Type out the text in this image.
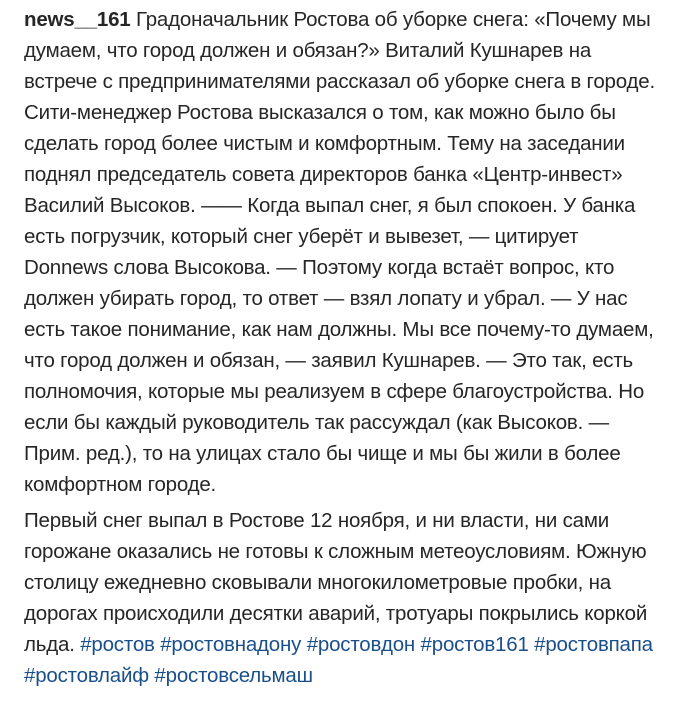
news__161 Градоначальник Ростова об уборке снега: «Почему мы думаем, что город должен и обязан?» Виталий Кушнарев на встрече с предпринимателями рассказал об уборке снега в городе. Сити-менеджер Ростова высказался о том, как можно было бы сделать город более чистым и комфортным. Тему на заседании поднял председатель совета директоров банка «Центр-инвест» Василий Высоков. —— Когда выпал снег, я был спокоен. У банка есть погрузчик, который снег уберёт и вывезет, — цитирует Donnews слова Высокова. — Поэтому когда встаёт вопрос, кто должен убирать город, то ответ — взял лопату и убрал. — У нас есть такое понимание, как нам должны. Мы все почему-то думаем, что город должен и обязан, — заявил Кушнарев. — Это так, есть полномочия, которые мы реализуем в сфере благоустройства. Но если бы каждый руководитель так рассуждал (как Высоков. — Прим. ред.), то на улицах стало бы чище и мы бы жили в более комфортном городе.

Первый снег выпал в Ростове 12 ноября, и ни власти, ни сами горожане оказались не готовы к сложным метеоусловиям. Южную столицу ежедневно сковывали многокилометровые пробки, на дорогах происходили десятки аварий, тротуары покрылись коркой льда. #ростов #ростовнадону #ростовдон #ростов161 #ростовпапа #ростовлайф #ростовсельмаш
